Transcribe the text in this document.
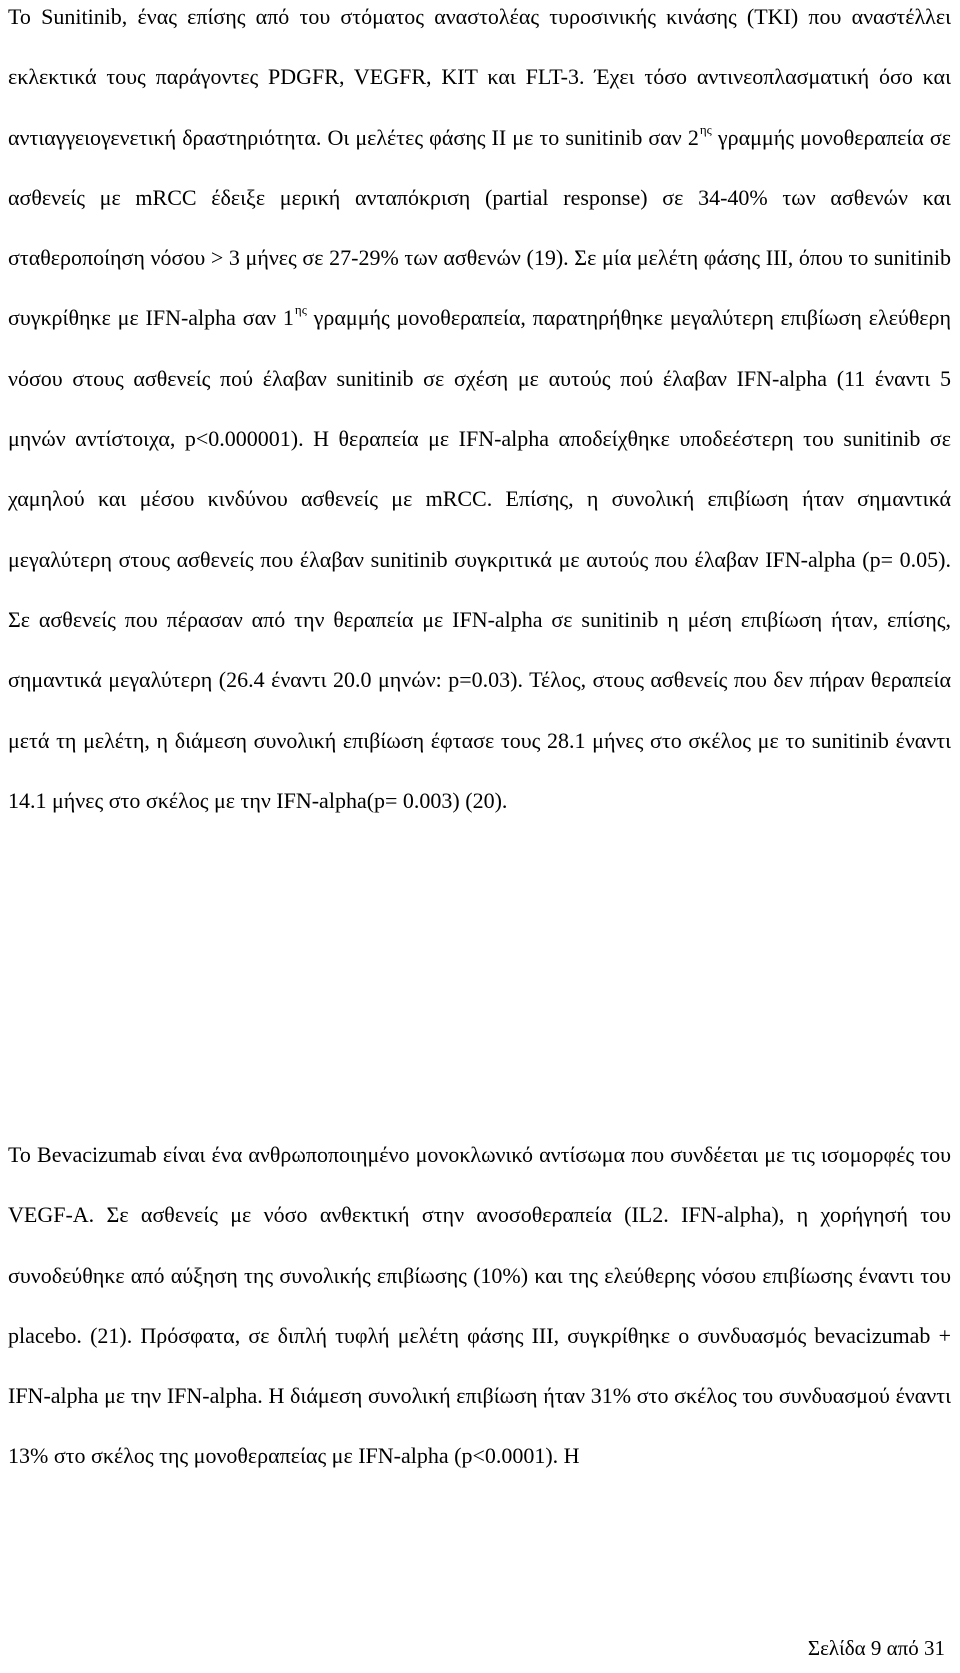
Το Sunitinib, ένας επίσης από του στόματος αναστολέας τυροσινικής κινάσης (TKI) που αναστέλλει εκλεκτικά τους παράγοντες PDGFR, VEGFR, KIT και FLT-3. Έχει τόσο αντινεοπλασματική όσο και αντιαγγειογενετική δραστηριότητα. Οι μελέτες φάσης ΙΙ με το sunitinib σαν $2^{\eta\varsigma}$ γραμμής μονοθεραπεία σε ασθενείς με mRCC έδειξε μερική ανταπόκριση (partial response) σε 34-40% των ασθενών και σταθεροποίηση νόσου > 3 μήνες σε 27-29% των ασθενών (19). Σε μία μελέτη φάσης ΙΙΙ, όπου το sunitinib συγκρίθηκε με IFN-alpha σαν $1^{\eta\varsigma}$ γραμμής μονοθεραπεία, παρατηρήθηκε μεγαλύτερη επιβίωση ελεύθερη νόσου στους ασθενείς πού έλαβαν sunitinib σε σχέση με αυτούς πού έλαβαν IFN-alpha (11 έναντι 5 μηνών αντίστοιχα, p<0.000001). Η θεραπεία με IFN-alpha αποδείχθηκε υποδεέστερη του sunitinib σε χαμηλού και μέσου κινδύνου ασθενείς με mRCC. Επίσης, η συνολική επιβίωση ήταν σημαντικά μεγαλύτερη στους ασθενείς που έλαβαν sunitinib συγκριτικά με αυτούς που έλαβαν IFN-alpha (p= 0.05). Σε ασθενείς που πέρασαν από την θεραπεία με IFN-alpha σε sunitinib η μέση επιβίωση ήταν, επίσης, σημαντικά μεγαλύτερη (26.4 έναντι 20.0 μηνών: p=0.03). Τέλος, στους ασθενείς που δεν πήραν θεραπεία μετά τη μελέτη, η διάμεση συνολική επιβίωση έφτασε τους 28.1 μήνες στο σκέλος με το sunitinib έναντι 14.1 μήνες στο σκέλος με την IFN-alpha(p= 0.003) (20).

Το Bevacizumab είναι ένα ανθρωποποιημένο μονοκλωνικό αντίσωμα που συνδέεται με τις ισομορφές του VEGF-A. Σε ασθενείς με νόσο ανθεκτική στην ανοσοθεραπεία (IL2. IFN-alpha), η χορήγησή του συνοδεύθηκε από αύξηση της συνολικής επιβίωσης (10%) και της ελεύθερης νόσου επιβίωσης έναντι του placebo. (21). Πρόσφατα, σε διπλή τυφλή μελέτη φάσης ΙΙΙ, συγκρίθηκε ο συνδυασμός bevacizumab + IFN-alpha με την IFN-alpha. Η διάμεση συνολική επιβίωση ήταν 31% στο σκέλος του συνδυασμού έναντι 13% στο σκέλος της μονοθεραπείας με IFN-alpha (p<0.0001). Η

Σελίδα 9 από 31
